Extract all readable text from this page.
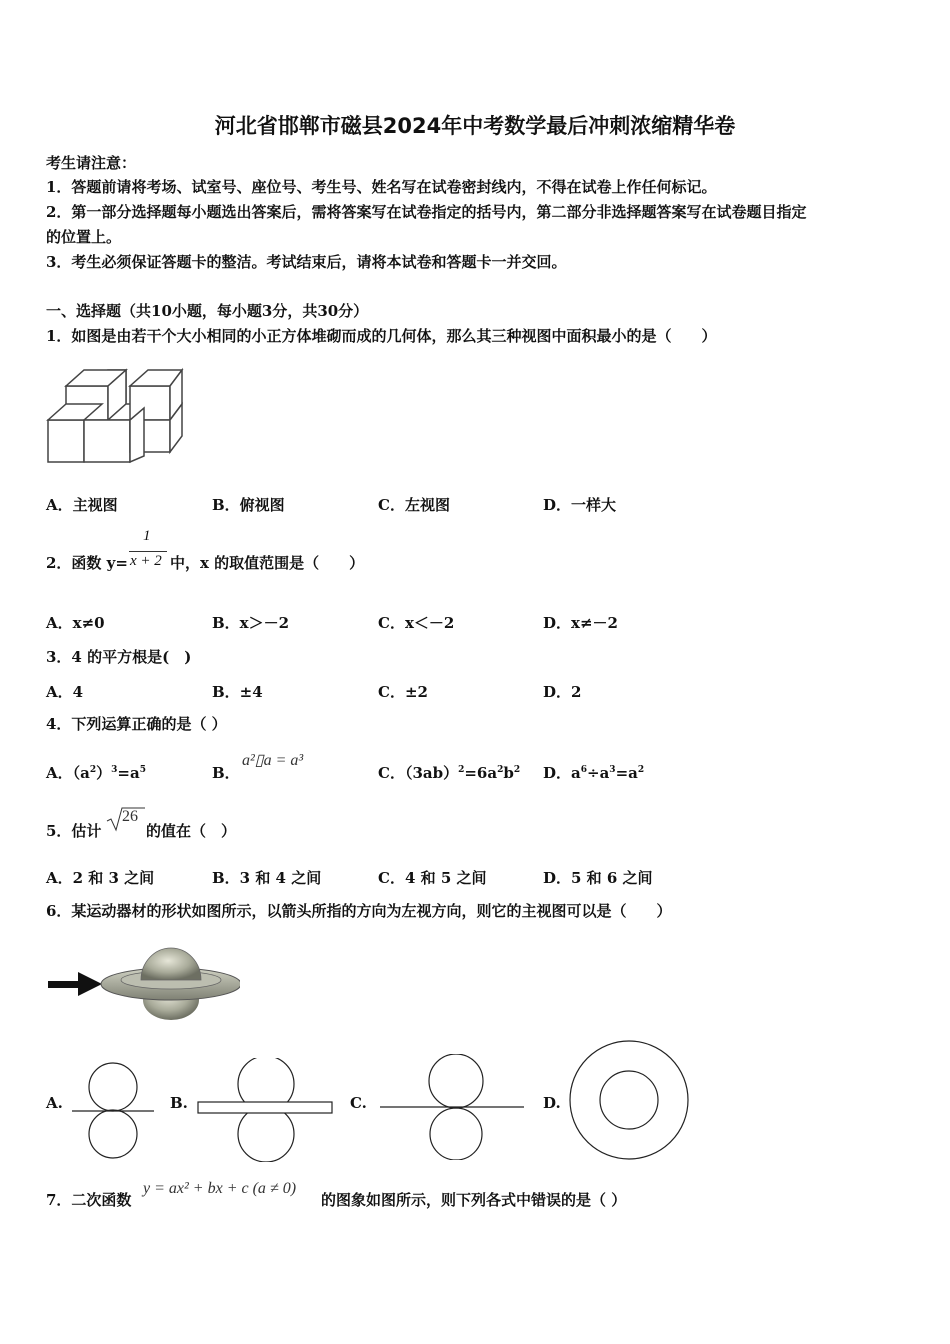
河北省邯郸市磁县2024年中考数学最后冲刺浓缩精华卷
考生请注意：
1．答题前请将考场、试室号、座位号、考生号、姓名写在试卷密封线内，不得在试卷上作任何标记。
2．第一部分选择题每小题选出答案后，需将答案写在试卷指定的括号内，第二部分非选择题答案写在试卷题目指定
的位置上。
3．考生必须保证答题卡的整洁。考试结束后，请将本试卷和答题卡一并交回。
一、选择题（共10小题，每小题3分，共30分）
1．如图是由若干个大小相同的小正方体堆砌而成的几何体，那么其三种视图中面积最小的是（　　）
A．主视图	B．俯视图	C．左视图	D．一样大
2．函数 y=
1
x + 2 中，x 的取值范围是（　　）
A．x≠0	B．x＞－2	C．x＜－2	D．x≠－2
3．4 的平方根是(　)
A．4	B．±4	C．±2	D．2
4．下列运算正确的是（ ）
A．$(a^2)^3=a^5$	B．
a²▯a = a³
C．$(3ab)^2=6a^2b^2$ D．$a^6\div a^3=a^2$
5．估计
26
的值在（　）
A．2 和 3 之间	B．3 和 4 之间	C．4 和 5 之间	D．5 和 6 之间
6．某运动器材的形状如图所示，以箭头所指的方向为左视方向，则它的主视图可以是（　　）
A.	B.	C.	D.
7．二次函数
y = ax² + bx + c (a ≠ 0)
的图象如图所示，则下列各式中错误的是（ ）
